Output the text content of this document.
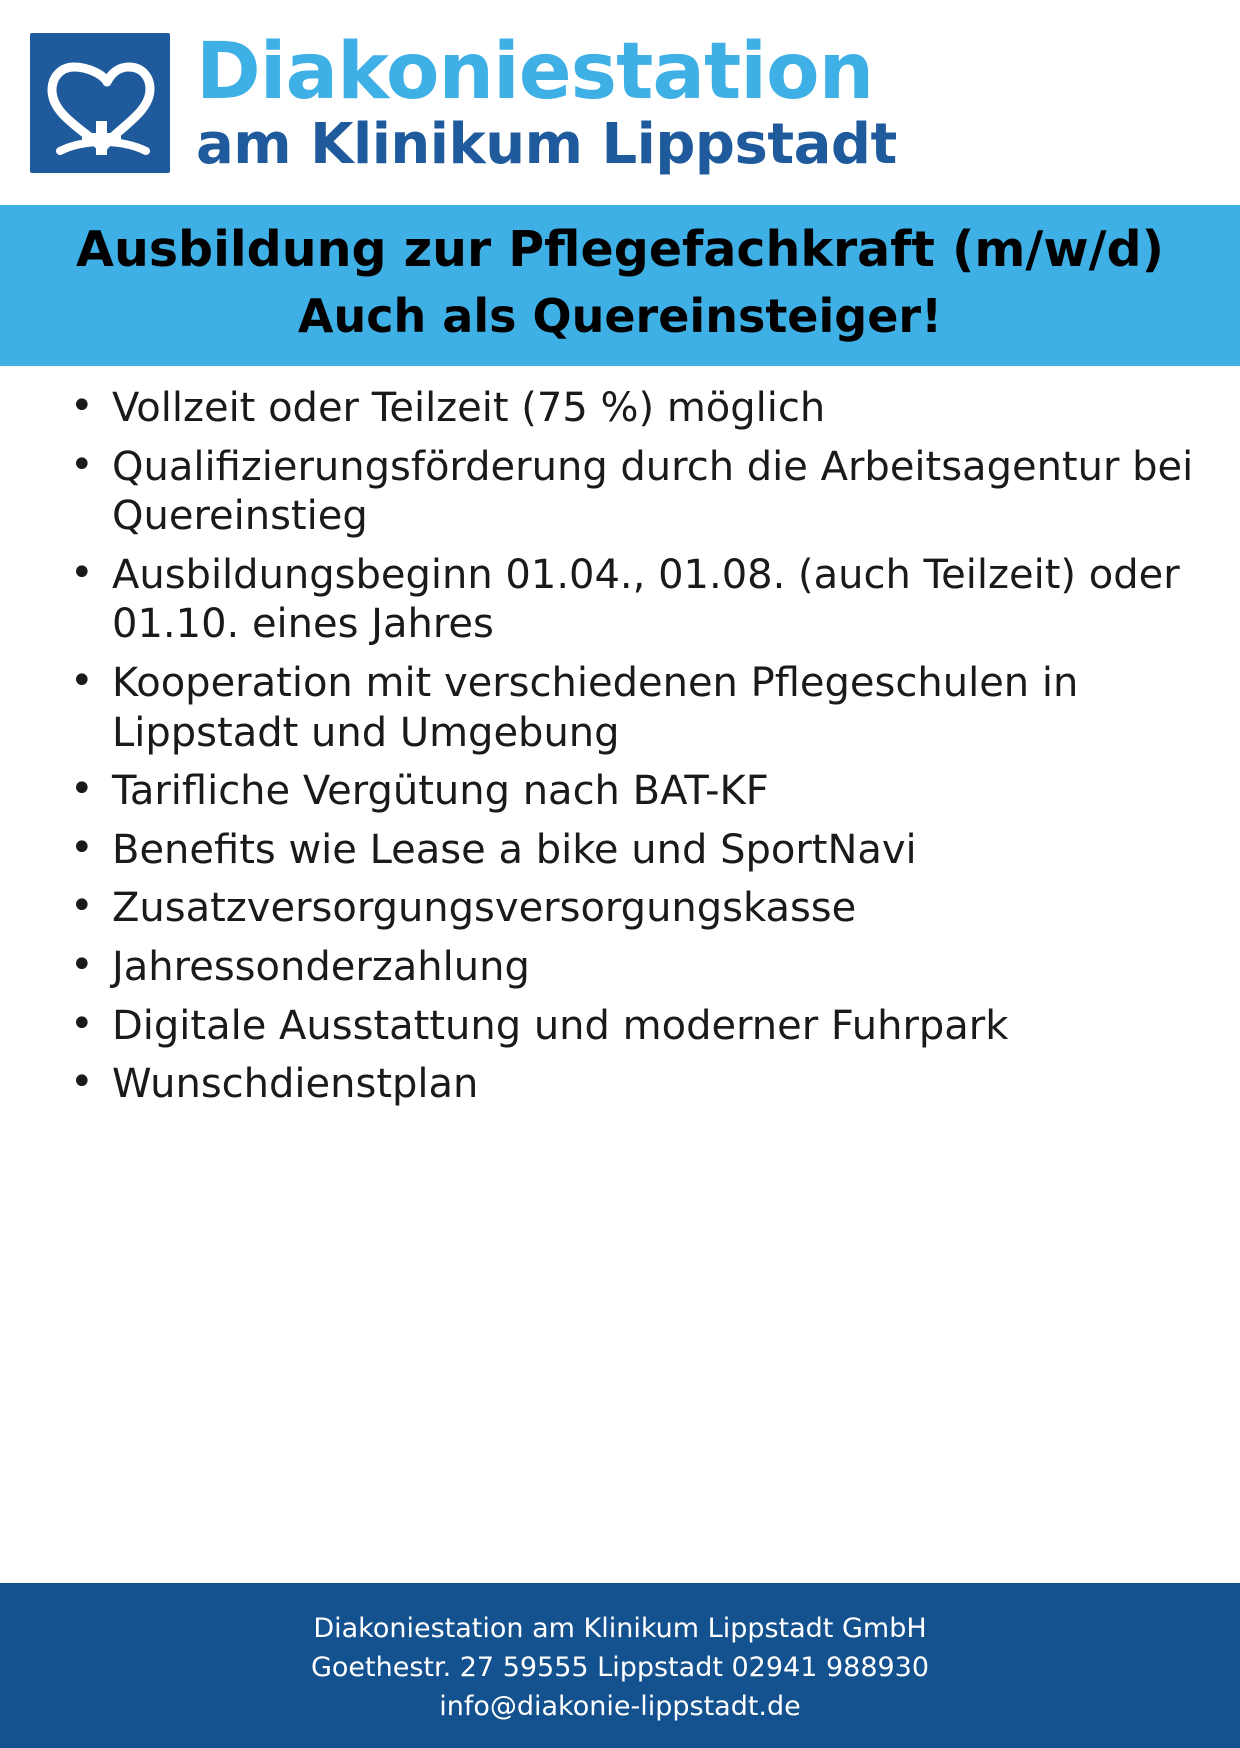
Diakoniestation
am Klinikum Lippstadt
Ausbildung zur Pflegefachkraft (m/w/d)
Auch als Quereinsteiger!
• Vollzeit oder Teilzeit (75 %) möglich
• Qualifizierungsförderung durch die Arbeitsagentur bei Quereinstieg
• Ausbildungsbeginn 01.04., 01.08. (auch Teilzeit) oder 01.10. eines Jahres
• Kooperation mit verschiedenen Pflegeschulen in Lippstadt und Umgebung
• Tarifliche Vergütung nach BAT-KF
• Benefits wie Lease a bike und SportNavi
• Zusatzversorgungsversorgungskasse
• Jahressonderzahlung
• Digitale Ausstattung und moderner Fuhrpark
• Wunschdienstplan
Diakoniestation am Klinikum Lippstadt GmbH
Goethestr. 27 59555 Lippstadt 02941 988930
info@diakonie-lippstadt.de
